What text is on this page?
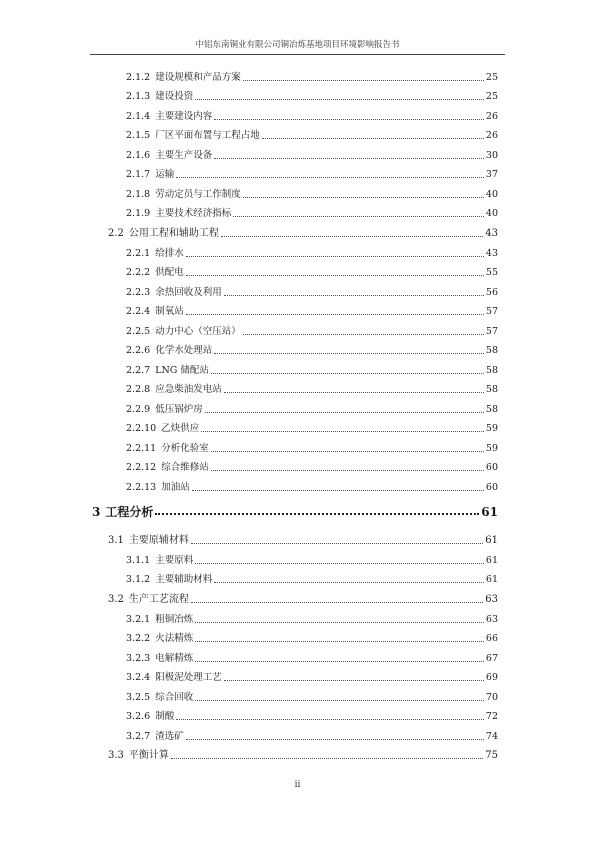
中铝东南铜业有限公司铜冶炼基地项目环境影响报告书
2.1.2 建设规模和产品方案	25
2.1.3 建设投资	25
2.1.4 主要建设内容	26
2.1.5 厂区平面布置与工程占地	26
2.1.6 主要生产设备	30
2.1.7 运输	37
2.1.8 劳动定员与工作制度	40
2.1.9 主要技术经济指标	40
2.2 公用工程和辅助工程	43
2.2.1 给排水	43
2.2.2 供配电	55
2.2.3 余热回收及利用	56
2.2.4 制氧站	57
2.2.5 动力中心（空压站）	57
2.2.6 化学水处理站	58
2.2.7 LNG 储配站	58
2.2.8 应急柴油发电站	58
2.2.9 低压锅炉房	58
2.2.10 乙炔供应	59
2.2.11 分析化验室	59
2.2.12 综合维修站	60
2.2.13 加油站	60
3 工程分析	61
3.1 主要原辅材料	61
3.1.1 主要原料	61
3.1.2 主要辅助材料	61
3.2 生产工艺流程	63
3.2.1 粗铜冶炼	63
3.2.2 火法精炼	66
3.2.3 电解精炼	67
3.2.4 阳极泥处理工艺	69
3.2.5 综合回收	70
3.2.6 制酸	72
3.2.7 渣选矿	74
3.3 平衡计算	75
ii
